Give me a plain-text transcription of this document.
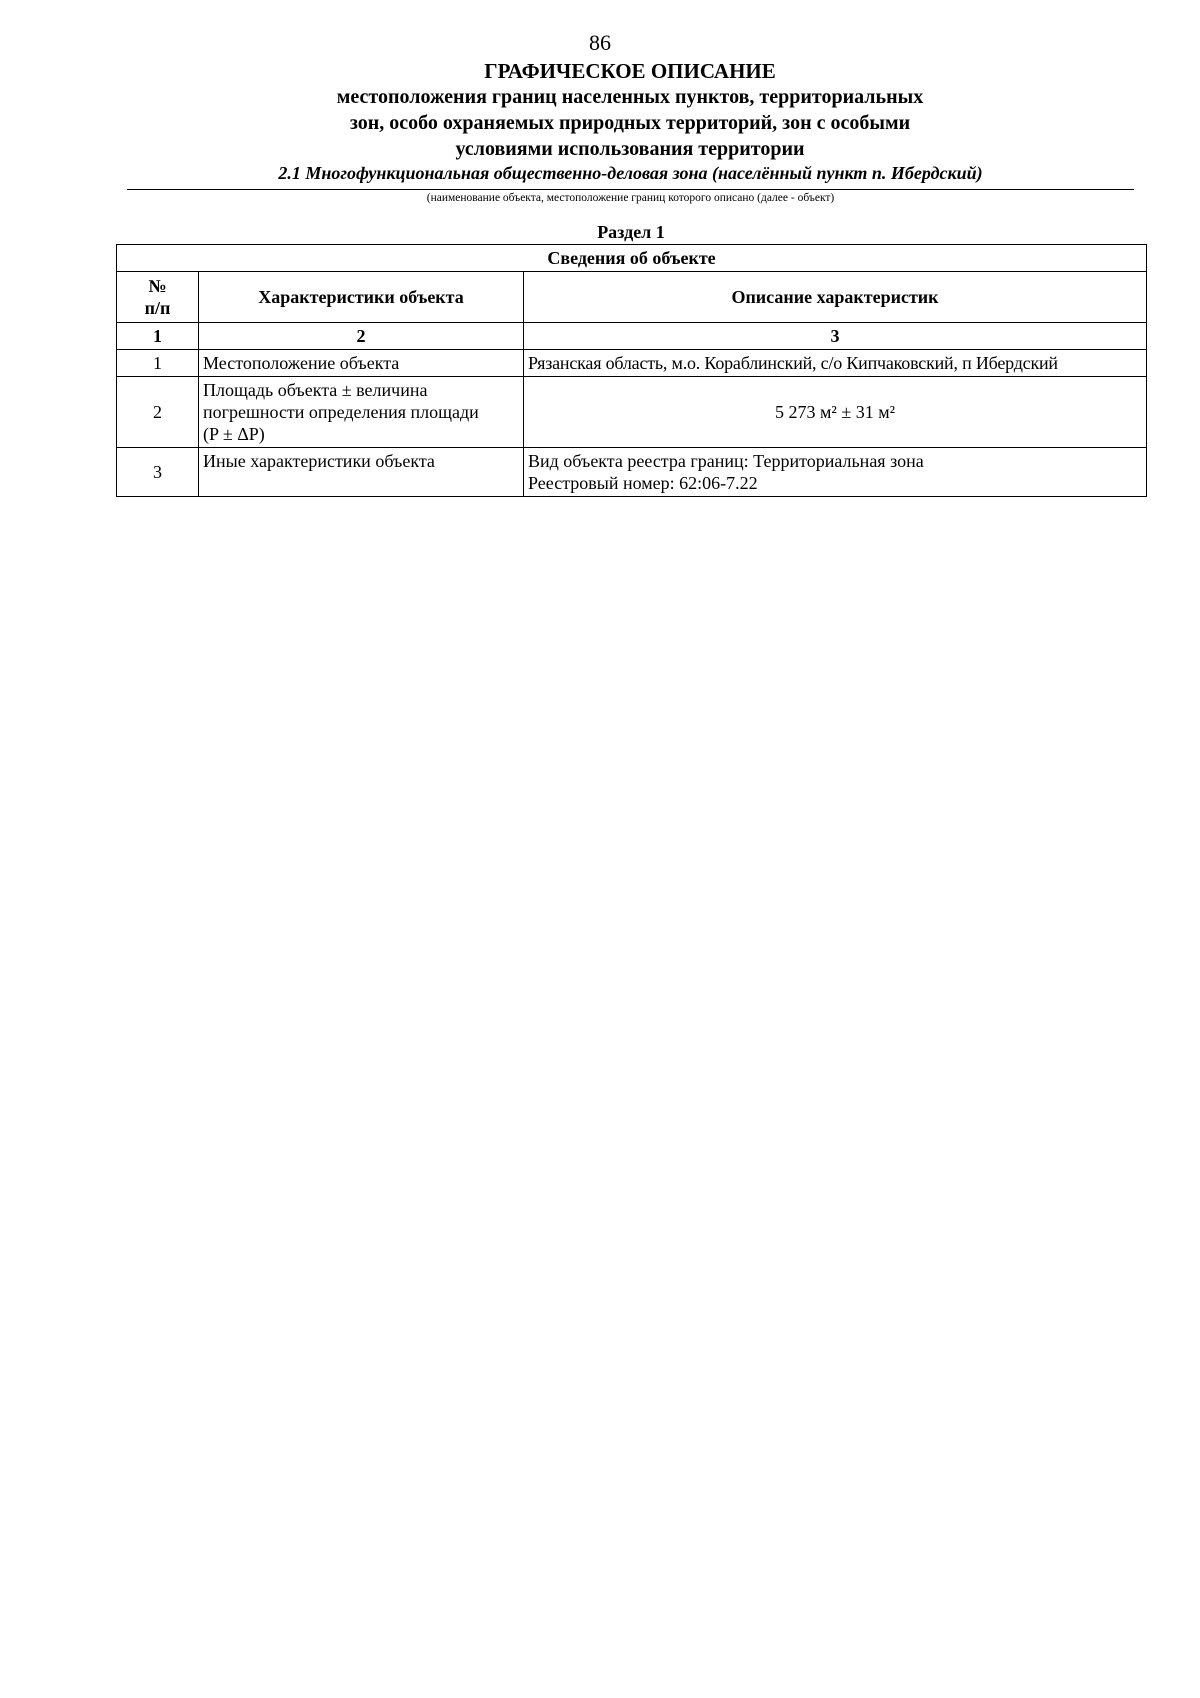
86
ГРАФИЧЕСКОЕ ОПИСАНИЕ
местоположения границ населенных пунктов, территориальных
зон, особо охраняемых природных территорий, зон с особыми
условиями использования территории
2.1 Многофункциональная общественно-деловая зона (населённый пункт п. Ибердский)
(наименование объекта, местоположение границ которого описано (далее - объект)
Раздел 1
Сведения об объекте		

№
п/п	Характеристики объекта	Описание характеристик
1	2	3
1	Местоположение объекта	Рязанская область, м.о. Кораблинский, с/о Кипчаковский, п Ибердский
2	Площадь объекта ± величина
погрешности определения площади
(P ± ΔP)	5 273 м² ± 31 м²
3	Иные характеристики объекта	Вид объекта реестра границ: Территориальная зона
Реестровый номер: 62:06-7.22
